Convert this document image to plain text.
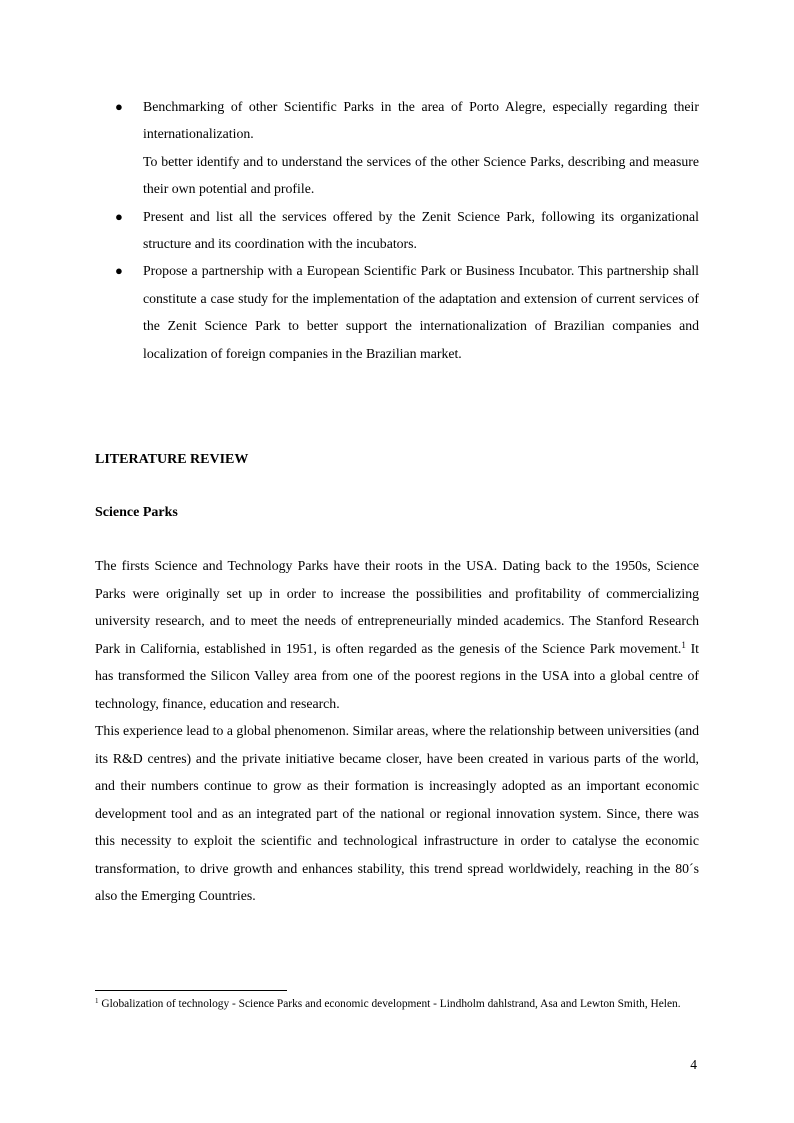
● Benchmarking of other Scientific Parks in the area of Porto Alegre, especially regarding their internationalization.
To better identify and to understand the services of the other Science Parks, describing and measure their own potential and profile.
● Present and list all the services offered by the Zenit Science Park, following its organizational structure and its coordination with the incubators.
● Propose a partnership with a European Scientific Park or Business Incubator. This partnership shall constitute a case study for the implementation of the adaptation and extension of current services of the Zenit Science Park to better support the internationalization of Brazilian companies and localization of foreign companies in the Brazilian market.
LITERATURE REVIEW
Science Parks

The firsts Science and Technology Parks have their roots in the USA. Dating back to the 1950s, Science Parks were originally set up in order to increase the possibilities and profitability of commercializing university research, and to meet the needs of entrepreneurially minded academics. The Stanford Research Park in California, established in 1951, is often regarded as the genesis of the Science Park movement.$^1$ It has transformed the Silicon Valley area from one of the poorest regions in the USA into a global centre of technology, finance, education and research.

This experience lead to a global phenomenon. Similar areas, where the relationship between universities (and its R&D centres) and the private initiative became closer, have been created in various parts of the world, and their numbers continue to grow as their formation is increasingly adopted as an important economic development tool and as an integrated part of the national or regional innovation system. Since, there was this necessity to exploit the scientific and technological infrastructure in order to catalyse the economic transformation, to drive growth and enhances stability, this trend spread worldwidely, reaching in the 80´s also the Emerging Countries.

$^1$ Globalization of technology - Science Parks and economic development - Lindholm dahlstrand, Asa and Lewton Smith, Helen.
4
